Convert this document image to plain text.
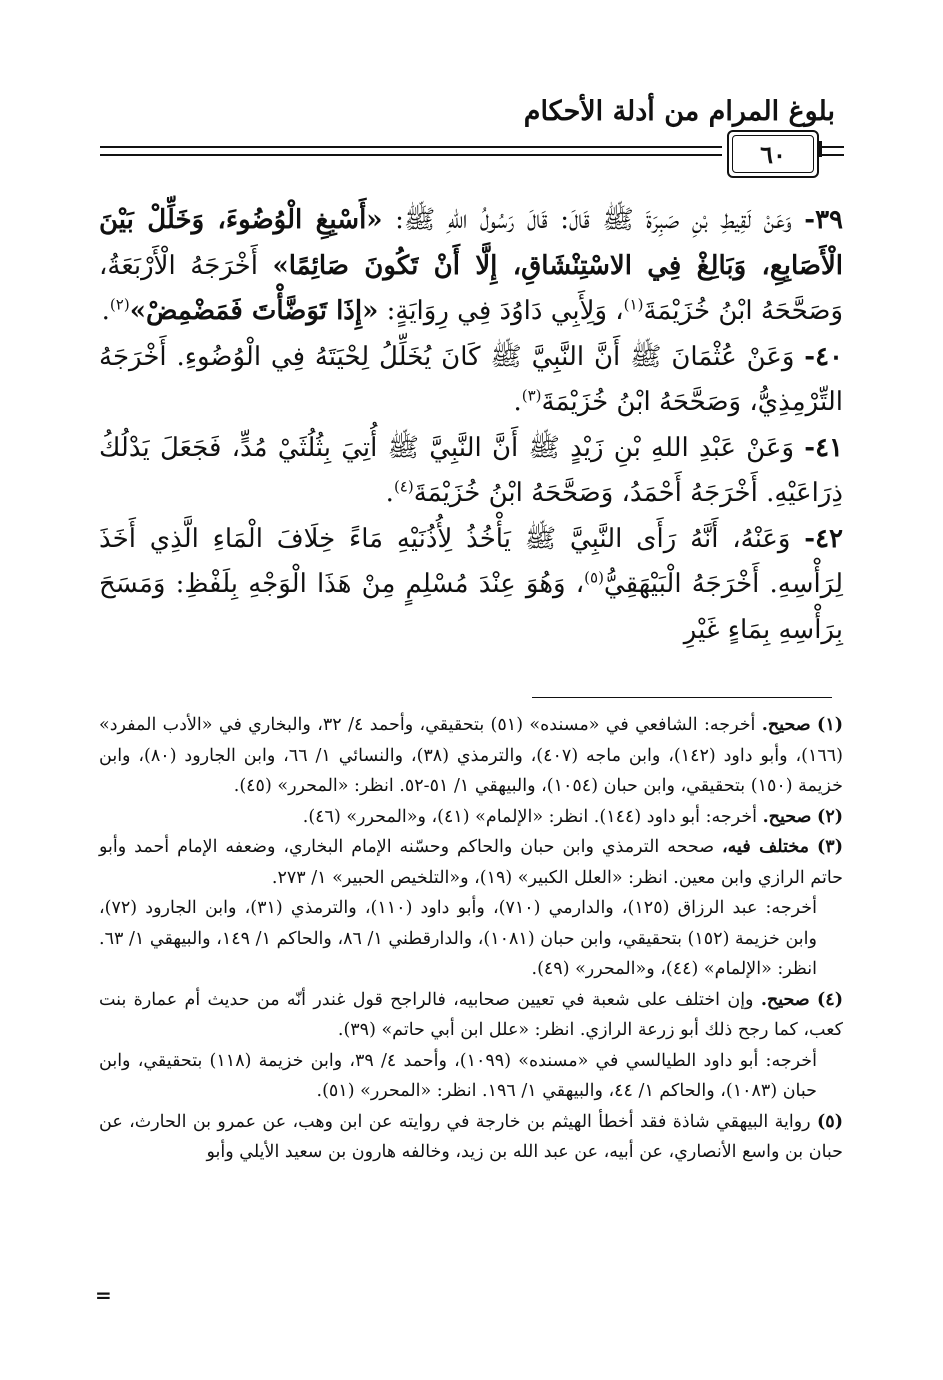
بلوغ المرام من أدلة الأحكام
٦٠

٣٩- وَعَنْ لَقِيطِ بْنِ صَبِرَةَ ﷺ قَالَ: قَالَ رَسُولُ اللهِ ﷺ: «أَسْبِغِ الْوُضُوءَ، وَخَلِّلْ بَيْنَ الْأَصَابِعِ، وَبَالِغْ فِي الاسْتِنْشَاقِ، إِلَّا أَنْ تَكُونَ صَائِمًا» أَخْرَجَهُ الْأَرْبَعَةُ، وَصَحَّحَهُ ابْنُ خُزَيْمَةَ$^{(١)}$، وَلِأَبِي دَاوُدَ فِي رِوَايَةٍ: «إِذَا تَوَضَّأْتَ فَمَضْمِضْ»$^{(٢)}$.

٤٠- وَعَنْ عُثْمَانَ ﷺ أَنَّ النَّبِيَّ ﷺ كَانَ يُخَلِّلُ لِحْيَتَهُ فِي الْوُضُوءِ. أَخْرَجَهُ التِّرْمِذِيُّ، وَصَحَّحَهُ ابْنُ خُزَيْمَةَ$^{(٣)}$.

٤١- وَعَنْ عَبْدِ اللهِ بْنِ زَيْدٍ ﷺ أَنَّ النَّبِيَّ ﷺ أُتِيَ بِثُلُثَيْ مُدٍّ، فَجَعَلَ يَدْلُكُ ذِرَاعَيْهِ. أَخْرَجَهُ أَحْمَدُ، وَصَحَّحَهُ ابْنُ خُزَيْمَةَ$^{(٤)}$.

٤٢- وَعَنْهُ، أَنَّهُ رَأَى النَّبِيَّ ﷺ يَأْخُذُ لِأُذُنَيْهِ مَاءً خِلَافَ الْمَاءِ الَّذِي أَخَذَ لِرَأْسِهِ. أَخْرَجَهُ الْبَيْهَقِيُّ$^{(٥)}$، وَهُوَ عِنْدَ مُسْلِمٍ مِنْ هَذَا الْوَجْهِ بِلَفْظِ: وَمَسَحَ بِرَأْسِهِ بِمَاءٍ غَيْرِ

(١) صحيح. أخرجه: الشافعي في «مسنده» (٥١) بتحقيقي، وأحمد ٤/ ٣٢، والبخاري في «الأدب المفرد» (١٦٦)، وأبو داود (١٤٢)، وابن ماجه (٤٠٧)، والترمذي (٣٨)، والنسائي ١/ ٦٦، وابن الجارود (٨٠)، وابن خزيمة (١٥٠) بتحقيقي، وابن حبان (١٠٥٤)، والبيهقي ١/ ٥١-٥٢. انظر: «المحرر» (٤٥).

(٢) صحيح. أخرجه: أبو داود (١٤٤). انظر: «الإلمام» (٤١)، و«المحرر» (٤٦).

(٣) مختلف فيه، صححه الترمذي وابن حبان والحاكم وحسّنه الإمام البخاري، وضعفه الإمام أحمد وأبو حاتم الرازي وابن معين. انظر: «العلل الكبير» (١٩)، و«التلخيص الحبير» ١/ ٢٧٣.

أخرجه: عبد الرزاق (١٢٥)، والدارمي (٧١٠)، وأبو داود (١١٠)، والترمذي (٣١)، وابن الجارود (٧٢)، وابن خزيمة (١٥٢) بتحقيقي، وابن حبان (١٠٨١)، والدارقطني ١/ ٨٦، والحاكم ١/ ١٤٩، والبيهقي ١/ ٦٣. انظر: «الإلمام» (٤٤)، و«المحرر» (٤٩).

(٤) صحيح. وإن اختلف على شعبة في تعيين صحابيه، فالراجح قول غندر أنّه من حديث أم عمارة بنت كعب، كما رجح ذلك أبو زرعة الرازي. انظر: «علل ابن أبي حاتم» (٣٩).

أخرجه: أبو داود الطيالسي في «مسنده» (١٠٩٩)، وأحمد ٤/ ٣٩، وابن خزيمة (١١٨) بتحقيقي، وابن حبان (١٠٨٣)، والحاكم ١/ ٤٤، والبيهقي ١/ ١٩٦. انظر: «المحرر» (٥١).

(٥) رواية البيهقي شاذة فقد أخطأ الهيثم بن خارجة في روايته عن ابن وهب، عن عمرو بن الحارث، عن حبان بن واسع الأنصاري، عن أبيه، عن عبد الله بن زيد، وخالفه هارون بن سعيد الأيلي وأبو

=
